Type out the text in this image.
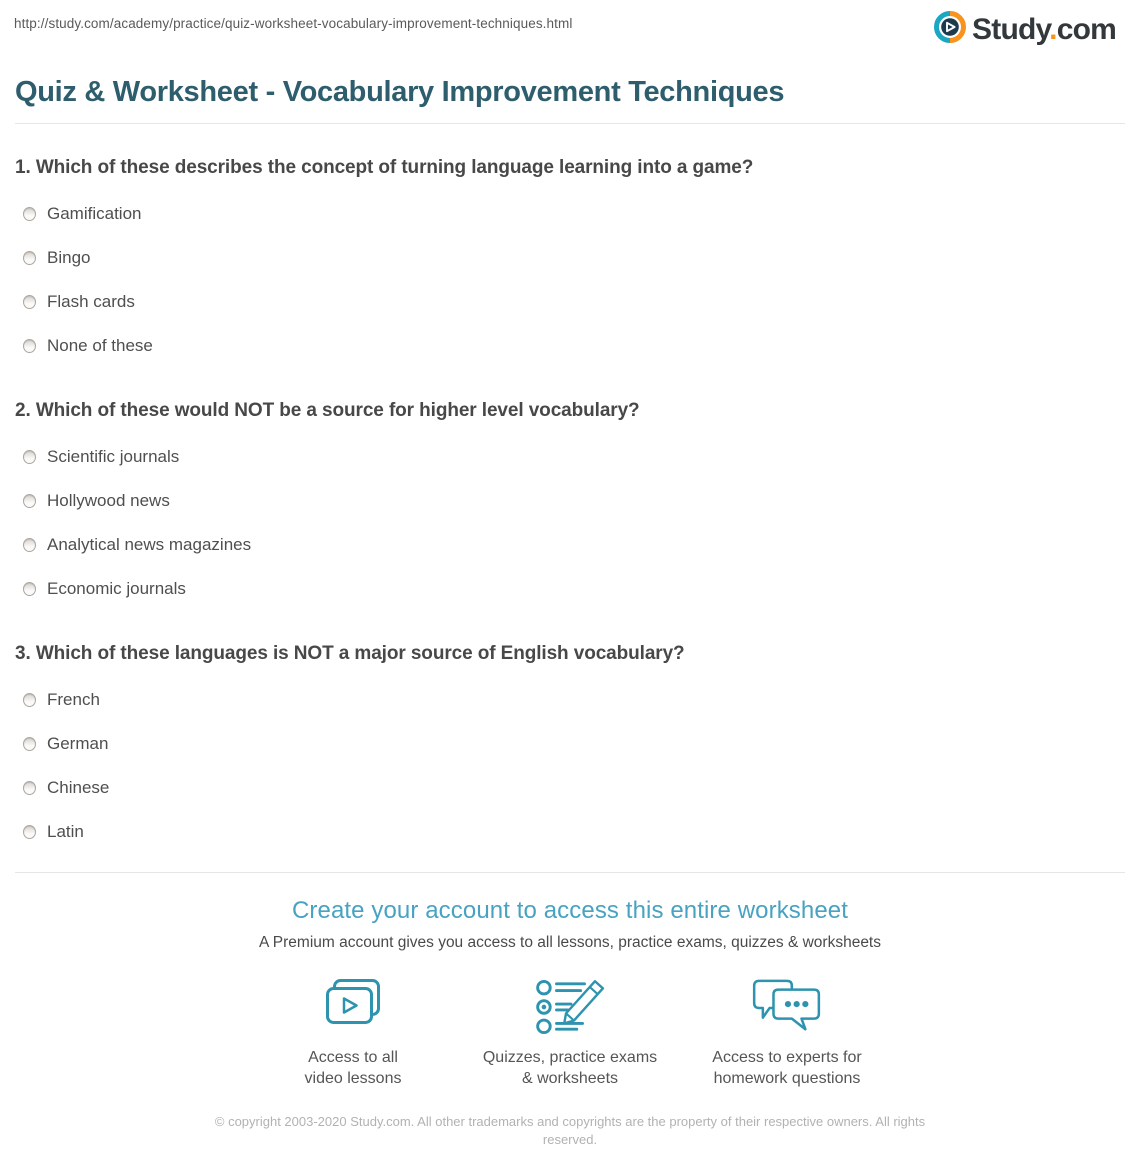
http://study.com/academy/practice/quiz-worksheet-vocabulary-improvement-techniques.html	Study.com
Quiz & Worksheet - Vocabulary Improvement Techniques
1. Which of these describes the concept of turning language learning into a game?
Gamification
Bingo
Flash cards
None of these
2. Which of these would NOT be a source for higher level vocabulary?
Scientific journals
Hollywood news
Analytical news magazines
Economic journals
3. Which of these languages is NOT a major source of English vocabulary?
French
German
Chinese
Latin
Create your account to access this entire worksheet

A Premium account gives you access to all lessons, practice exams, quizzes & worksheets

Access to all
video lessons
Quizzes, practice exams
& worksheets
Access to experts for
homework questions

© copyright 2003-2020 Study.com. All other trademarks and copyrights are the property of their respective owners. All rights reserved.
